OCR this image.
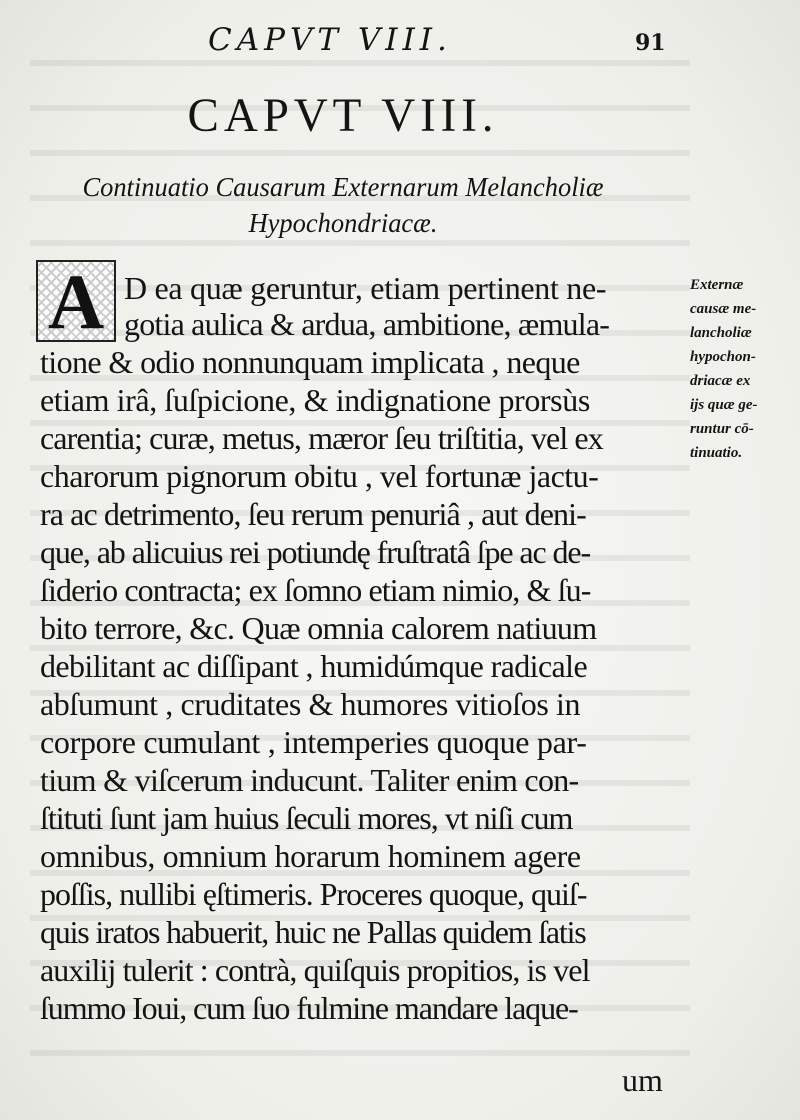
CAPVT VIII.	91
CAPVT VIII.
Continuatio Causarum Externarum Melancholiæ
Hypochondriacæ.
A D ea quæ geruntur, etiam pertinent ne-
gotia aulica & ardua, ambitione, æmula-
tione & odio nonnunquam implicata , neque
etiam irâ, ſuſpicione, & indignatione prorsùs
carentia; curæ, metus, mæror ſeu triſtitia, vel ex
charorum pignorum obitu , vel fortunæ jactu-
ra ac detrimento, ſeu rerum penuriâ , aut deni-
que, ab alicuius rei potiundę fruſtratâ ſpe ac de-
ſiderio contracta; ex ſomno etiam nimio, & ſu-
bito terrore, &c. Quæ omnia calorem natiuum
debilitant ac diſſipant , humidúmque radicale
abſumunt , cruditates & humores vitioſos in
corpore cumulant , intemperies quoque par-
tium & viſcerum inducunt. Taliter enim con-
ſtituti ſunt jam huius ſeculi mores, vt niſi cum
omnibus, omnium horarum hominem agere
poſſis, nullibi ęſtimeris. Proceres quoque, quiſ-
quis iratos habuerit, huic ne Pallas quidem ſatis
auxilij tulerit : contrà, quiſquis propitios, is vel
ſummo Ioui, cum ſuo fulmine mandare laque-
Externæ
causæ me-
lancholiæ
hypochon-
driacæ ex
ijs quæ ge-
runtur cō-
tinuatio.
um
